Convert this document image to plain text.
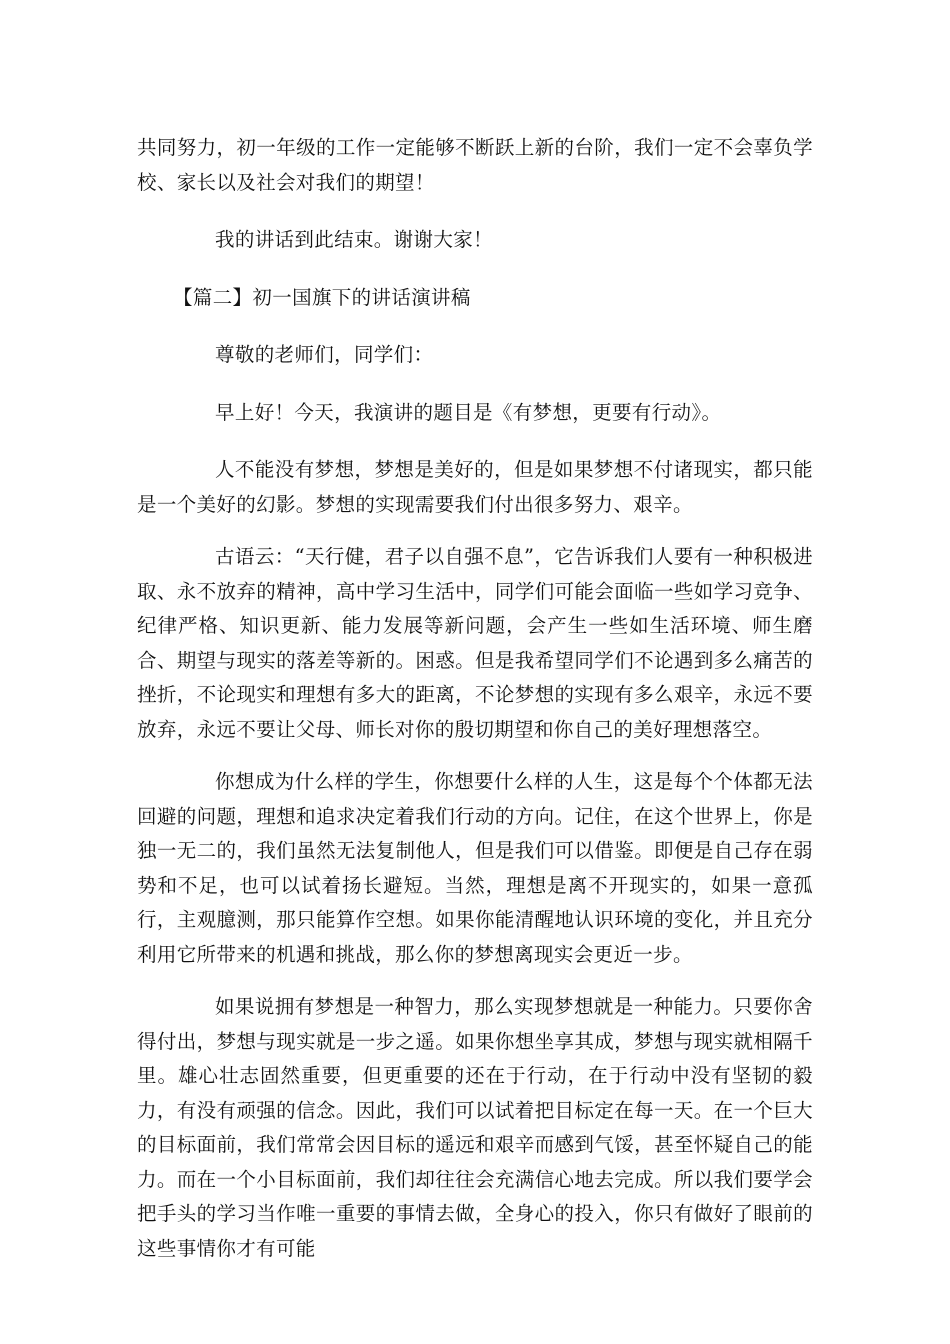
共同努力，初一年级的工作一定能够不断跃上新的台阶，我们一定不会辜负学校、家长以及社会对我们的期望！

我的讲话到此结束。谢谢大家！

【篇二】初一国旗下的讲话演讲稿

尊敬的老师们，同学们：

早上好！今天，我演讲的题目是《有梦想，更要有行动》。

人不能没有梦想，梦想是美好的，但是如果梦想不付诸现实，都只能是一个美好的幻影。梦想的实现需要我们付出很多努力、艰辛。

古语云：“天行健，君子以自强不息”，它告诉我们人要有一种积极进取、永不放弃的精神，高中学习生活中，同学们可能会面临一些如学习竞争、纪律严格、知识更新、能力发展等新问题，会产生一些如生活环境、师生磨合、期望与现实的落差等新的。困惑。但是我希望同学们不论遇到多么痛苦的挫折，不论现实和理想有多大的距离，不论梦想的实现有多么艰辛，永远不要放弃，永远不要让父母、师长对你的殷切期望和你自己的美好理想落空。

你想成为什么样的学生，你想要什么样的人生，这是每个个体都无法回避的问题，理想和追求决定着我们行动的方向。记住，在这个世界上，你是独一无二的，我们虽然无法复制他人，但是我们可以借鉴。即便是自己存在弱势和不足，也可以试着扬长避短。当然，理想是离不开现实的，如果一意孤行，主观臆测，那只能算作空想。如果你能清醒地认识环境的变化，并且充分利用它所带来的机遇和挑战，那么你的梦想离现实会更近一步。

如果说拥有梦想是一种智力，那么实现梦想就是一种能力。只要你舍得付出，梦想与现实就是一步之遥。如果你想坐享其成，梦想与现实就相隔千里。雄心壮志固然重要，但更重要的还在于行动，在于行动中没有坚韧的毅力，有没有顽强的信念。因此，我们可以试着把目标定在每一天。在一个巨大的目标面前，我们常常会因目标的遥远和艰辛而感到气馁，甚至怀疑自己的能力。而在一个小目标面前，我们却往往会充满信心地去完成。所以我们要学会把手头的学习当作唯一重要的事情去做，全身心的投入，你只有做好了眼前的这些事情你才有可能
